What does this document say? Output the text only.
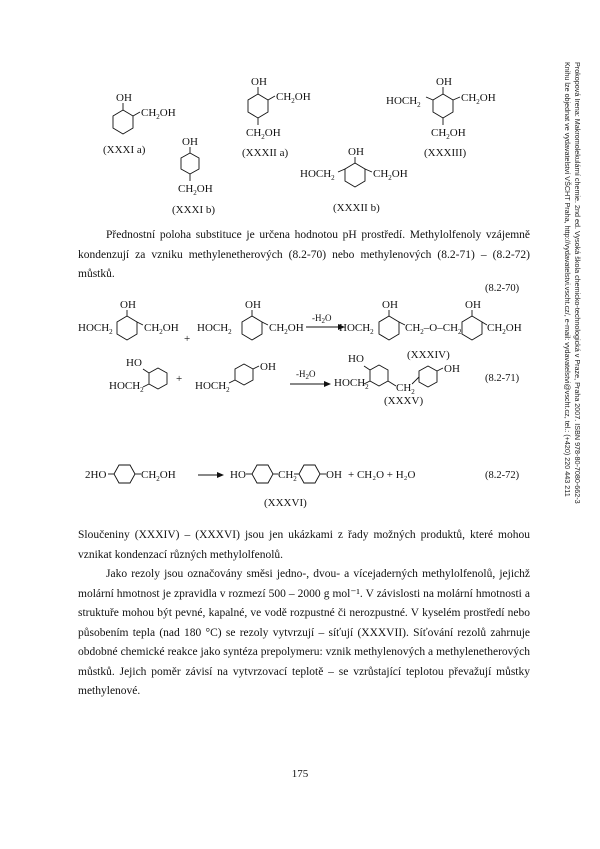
OH
$CH_2OH$
(XXXI a)
OH
$CH_2OH$
(XXXI b)
OH
$CH_2OH$
$CH_2OH$
(XXXII a)	OH
$HOCH_2$	$CH_2OH$
(XXXII b)
OH
$HOCH_2$
$CH_2OH$
$CH_2OH$
(XXXIII)
(8.2-70)
OH
$HOCH_2$	$CH_2OH$
+
OH
$HOCH_2$	$CH_2OH$
$-H_2O$
$HOCH_2$
OH
$CH_2-O-CH_2$
OH
$CH_2OH$
(XXXIV)
(8.2-71)
HO
$HOCH_2$
+
OH
$HOCH_2$
$-H_2O$
HO
$HOCH_2$ $CH_2$
OH
(XXXV)
2HO	$CH_2OH$	HO	$CH_2$	OH + CH₂O + H₂O	(8.2-72)
(XXXVI)

Přednostní poloha substituce je určena hodnotou pH prostředí. Methylolfenoly vzájemně kondenzují za vzniku methylenetherových (8.2-70) nebo methylenových (8.2-71) – (8.2-72) můstků.

Sloučeniny (XXXIV) – (XXXVI) jsou jen ukázkami z řady možných produktů, které mohou vznikat kondenzací různých methylolfenolů.

Jako rezoly jsou označovány směsi jedno-, dvou- a vícejaderných methylolfenolů, jejichž molární hmotnost je zpravidla v rozmezí 500 – 2000 g mol⁻¹. V závislosti na molární hmotnosti a struktuře mohou být pevné, kapalné, ve vodě rozpustné či nerozpustné. V kyselém prostředí nebo působením tepla (nad 180 °C) se rezoly vytvrzují – síťují (XXXVII). Síťování rezolů zahrnuje obdobné chemické reakce jako syntéza prepolymeru: vznik methylenových a methylenetherových můstků. Jejich poměr závisí na vytvrzovací teplotě – se vzrůstající teplotou převažují můstky methylenové.

175
Prokopová Irena: Makromolekulární chemie. 2nd ed. Vysoká škola chemicko-technologická v Praze, Praha 2007. ISBN 978-80-7080-662-3
Knihu lze objednat ve vydavatelství VŠCHT Praha, http://vydavatelstvi.vscht.cz/, e-mail: vydavatelstvi@vscht.cz, tel.: (+420) 220 443 211
